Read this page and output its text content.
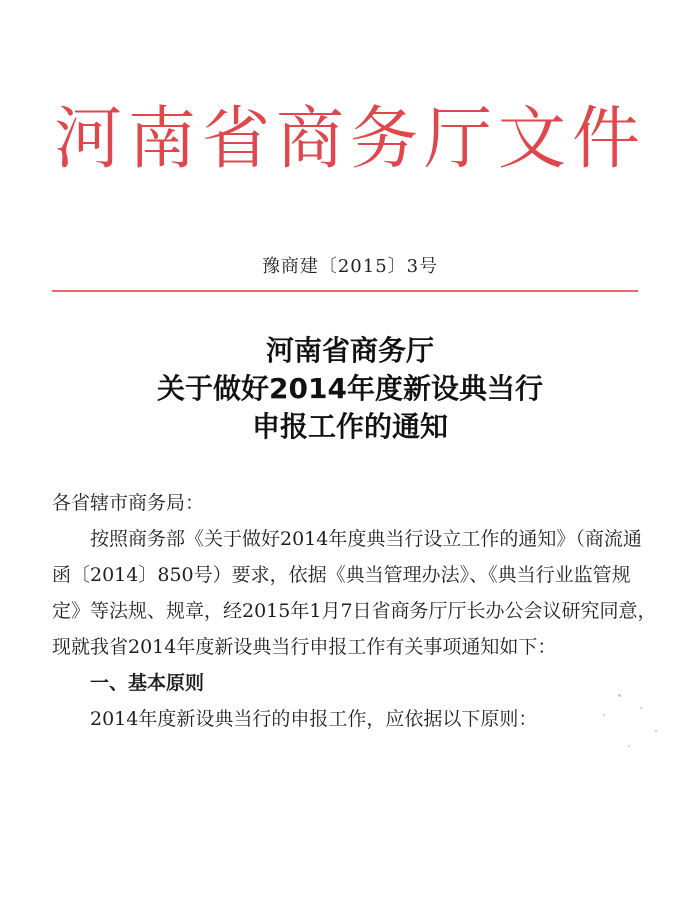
河南省商务厅文件
豫商建〔2015〕3号
河南省商务厅
关于做好2014年度新设典当行
申报工作的通知

各省辖市商务局：

按照商务部《关于做好2014年度典当行设立工作的通知》（商流通函〔2014〕850号）要求，依据《典当管理办法》、《典当行业监管规定》等法规、规章，经2015年1月7日省商务厅厅长办公会议研究同意，现就我省2014年度新设典当行申报工作有关事项通知如下：

一、基本原则

2014年度新设典当行的申报工作，应依据以下原则：
